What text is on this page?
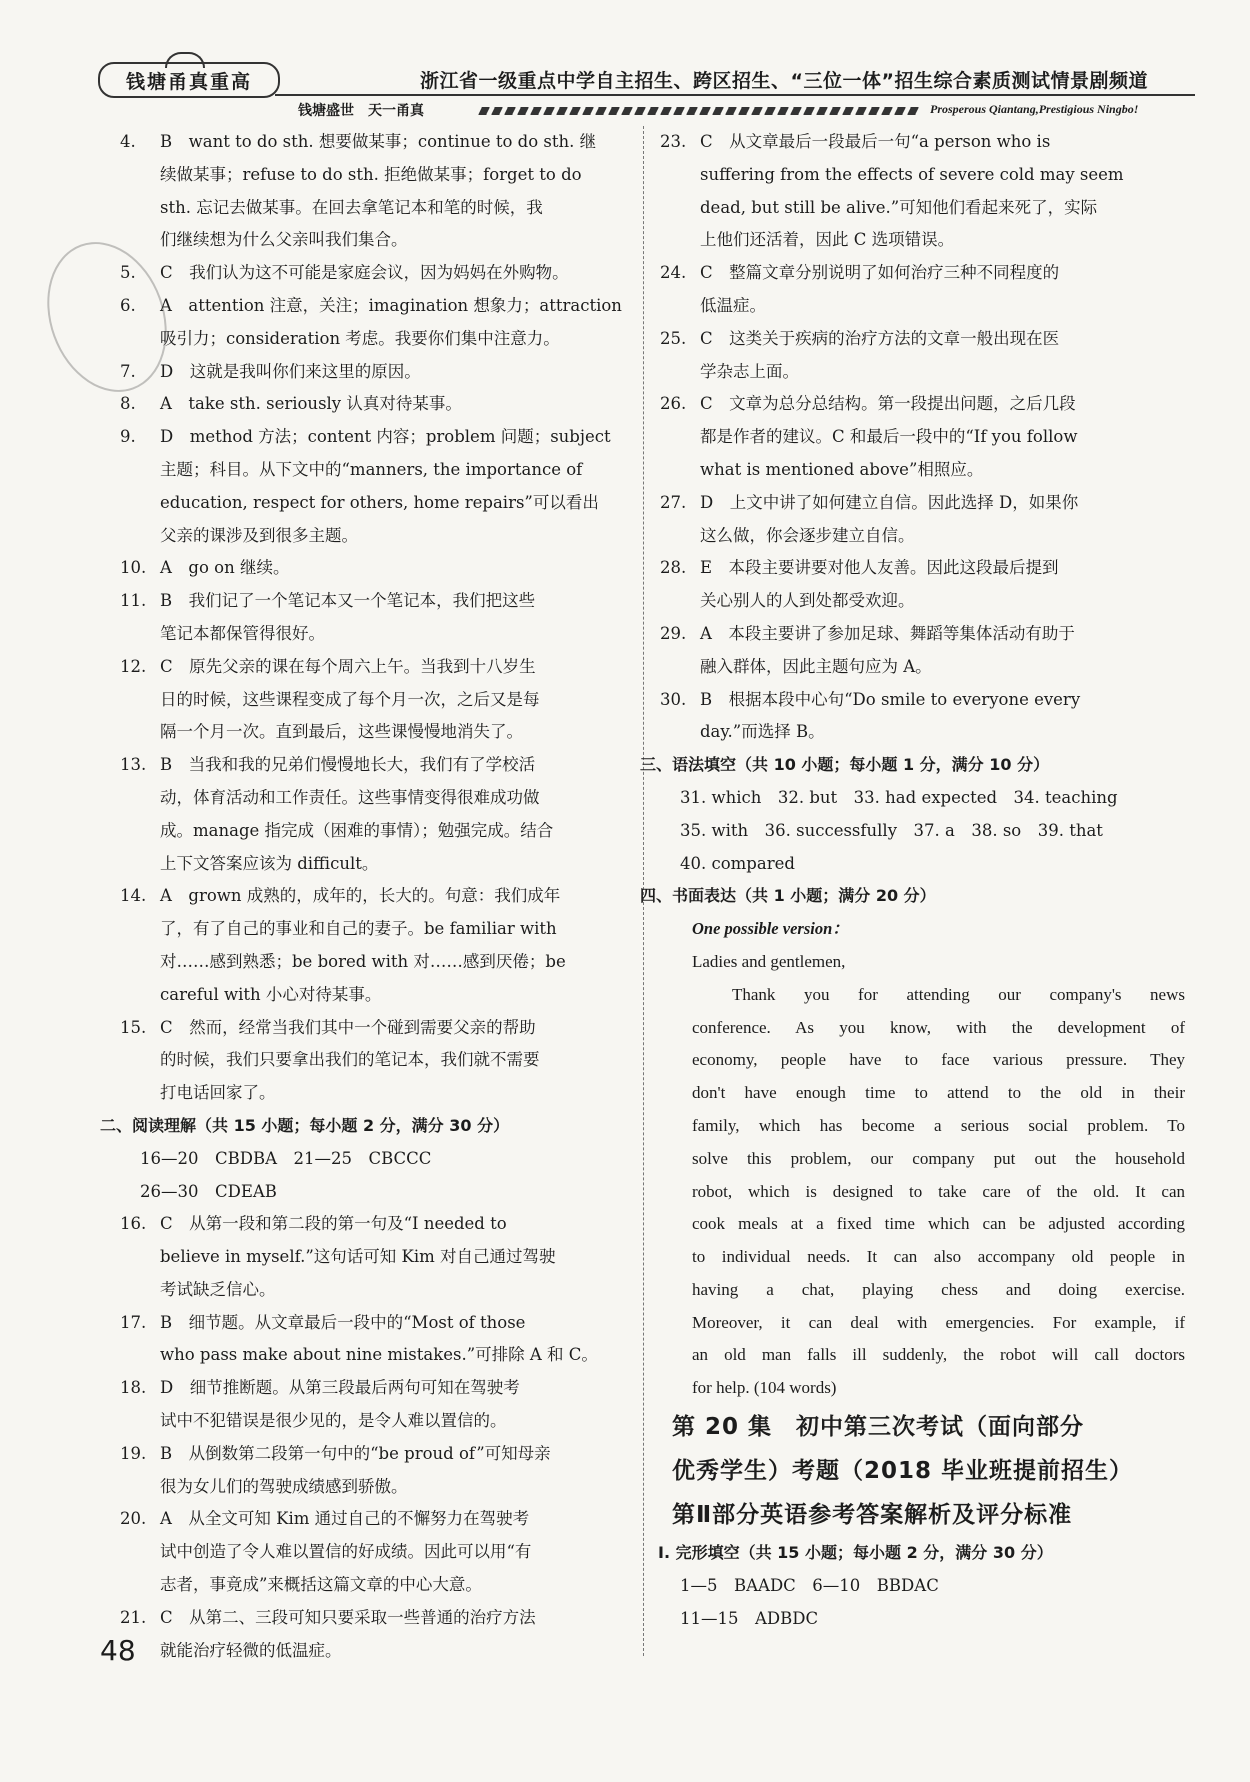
钱塘甬真重高	浙江省一级重点中学自主招生、跨区招生、“三位一体”招生综合素质测试情景剧频道
钱塘盛世　天一甬真	Prosperous Qiantang,Prestigious Ningbo!
4. B　want to do sth. 想要做某事；continue to do sth. 继
续做某事；refuse to do sth. 拒绝做某事；forget to do
sth. 忘记去做某事。在回去拿笔记本和笔的时候，我
们继续想为什么父亲叫我们集合。
5. C　我们认为这不可能是家庭会议，因为妈妈在外购物。
6. A　attention 注意，关注；imagination 想象力；attraction
吸引力；consideration 考虑。我要你们集中注意力。
7. D　这就是我叫你们来这里的原因。
8. A　take sth. seriously 认真对待某事。
9. D　method 方法；content 内容；problem 问题；subject
主题；科目。从下文中的“manners, the importance of
education, respect for others, home repairs”可以看出
父亲的课涉及到很多主题。
10. A　go on 继续。
11. B　我们记了一个笔记本又一个笔记本，我们把这些
笔记本都保管得很好。
12. C　原先父亲的课在每个周六上午。当我到十八岁生
日的时候，这些课程变成了每个月一次，之后又是每
隔一个月一次。直到最后，这些课慢慢地消失了。
13. B　当我和我的兄弟们慢慢地长大，我们有了学校活
动，体育活动和工作责任。这些事情变得很难成功做
成。manage 指完成（困难的事情）；勉强完成。结合
上下文答案应该为 difficult。
14. A　grown 成熟的，成年的，长大的。句意：我们成年
了，有了自己的事业和自己的妻子。be familiar with
对……感到熟悉；be bored with 对……感到厌倦；be
careful with 小心对待某事。
15. C　然而，经常当我们其中一个碰到需要父亲的帮助
的时候，我们只要拿出我们的笔记本，我们就不需要
打电话回家了。
二、阅读理解（共 15 小题；每小题 2 分，满分 30 分）
16—20　CBDBA　21—25　CBCCC
26—30　CDEAB
16. C　从第一段和第二段的第一句及“I needed to
believe in myself.”这句话可知 Kim 对自己通过驾驶
考试缺乏信心。
17. B　细节题。从文章最后一段中的“Most of those
who pass make about nine mistakes.”可排除 A 和 C。
18. D　细节推断题。从第三段最后两句可知在驾驶考
试中不犯错误是很少见的，是令人难以置信的。
19. B　从倒数第二段第一句中的“be proud of”可知母亲
很为女儿们的驾驶成绩感到骄傲。
20. A　从全文可知 Kim 通过自己的不懈努力在驾驶考
试中创造了令人难以置信的好成绩。因此可以用“有
志者，事竟成”来概括这篇文章的中心大意。
21. C　从第二、三段可知只要采取一些普通的治疗方法
就能治疗轻微的低温症。
23. C　从文章最后一段最后一句“a person who is
suffering from the effects of severe cold may seem
dead, but still be alive.”可知他们看起来死了，实际
上他们还活着，因此 C 选项错误。
24. C　整篇文章分别说明了如何治疗三种不同程度的
低温症。
25. C　这类关于疾病的治疗方法的文章一般出现在医
学杂志上面。
26. C　文章为总分总结构。第一段提出问题，之后几段
都是作者的建议。C 和最后一段中的“If you follow
what is mentioned above”相照应。
27. D　上文中讲了如何建立自信。因此选择 D，如果你
这么做，你会逐步建立自信。
28. E　本段主要讲要对他人友善。因此这段最后提到
关心别人的人到处都受欢迎。
29. A　本段主要讲了参加足球、舞蹈等集体活动有助于
融入群体，因此主题句应为 A。
30. B　根据本段中心句“Do smile to everyone every
day.”而选择 B。
三、语法填空（共 10 小题；每小题 1 分，满分 10 分）
31. which　32. but　33. had expected　34. teaching
35. with　36. successfully　37. a　38. so　39. that
40. compared
四、书面表达（共 1 小题；满分 20 分）
One possible version：
Ladies and gentlemen,
Thank you for attending our company's news
conference. As you know, with the development of
economy, people have to face various pressure. They
don't have enough time to attend to the old in their
family, which has become a serious social problem. To
solve this problem, our company put out the household
robot, which is designed to take care of the old. It can
cook meals at a fixed time which can be adjusted according
to individual needs. It can also accompany old people in
having a chat, playing chess and doing exercise.
Moreover, it can deal with emergencies. For example, if
an old man falls ill suddenly, the robot will call doctors
for help. (104 words)
第 20 集　初中第三次考试（面向部分
优秀学生）考题（2018 毕业班提前招生）
第Ⅱ部分英语参考答案解析及评分标准
Ⅰ. 完形填空（共 15 小题；每小题 2 分，满分 30 分）
1—5　BAADC　6—10　BBDAC
11—15　ADBDC
48
